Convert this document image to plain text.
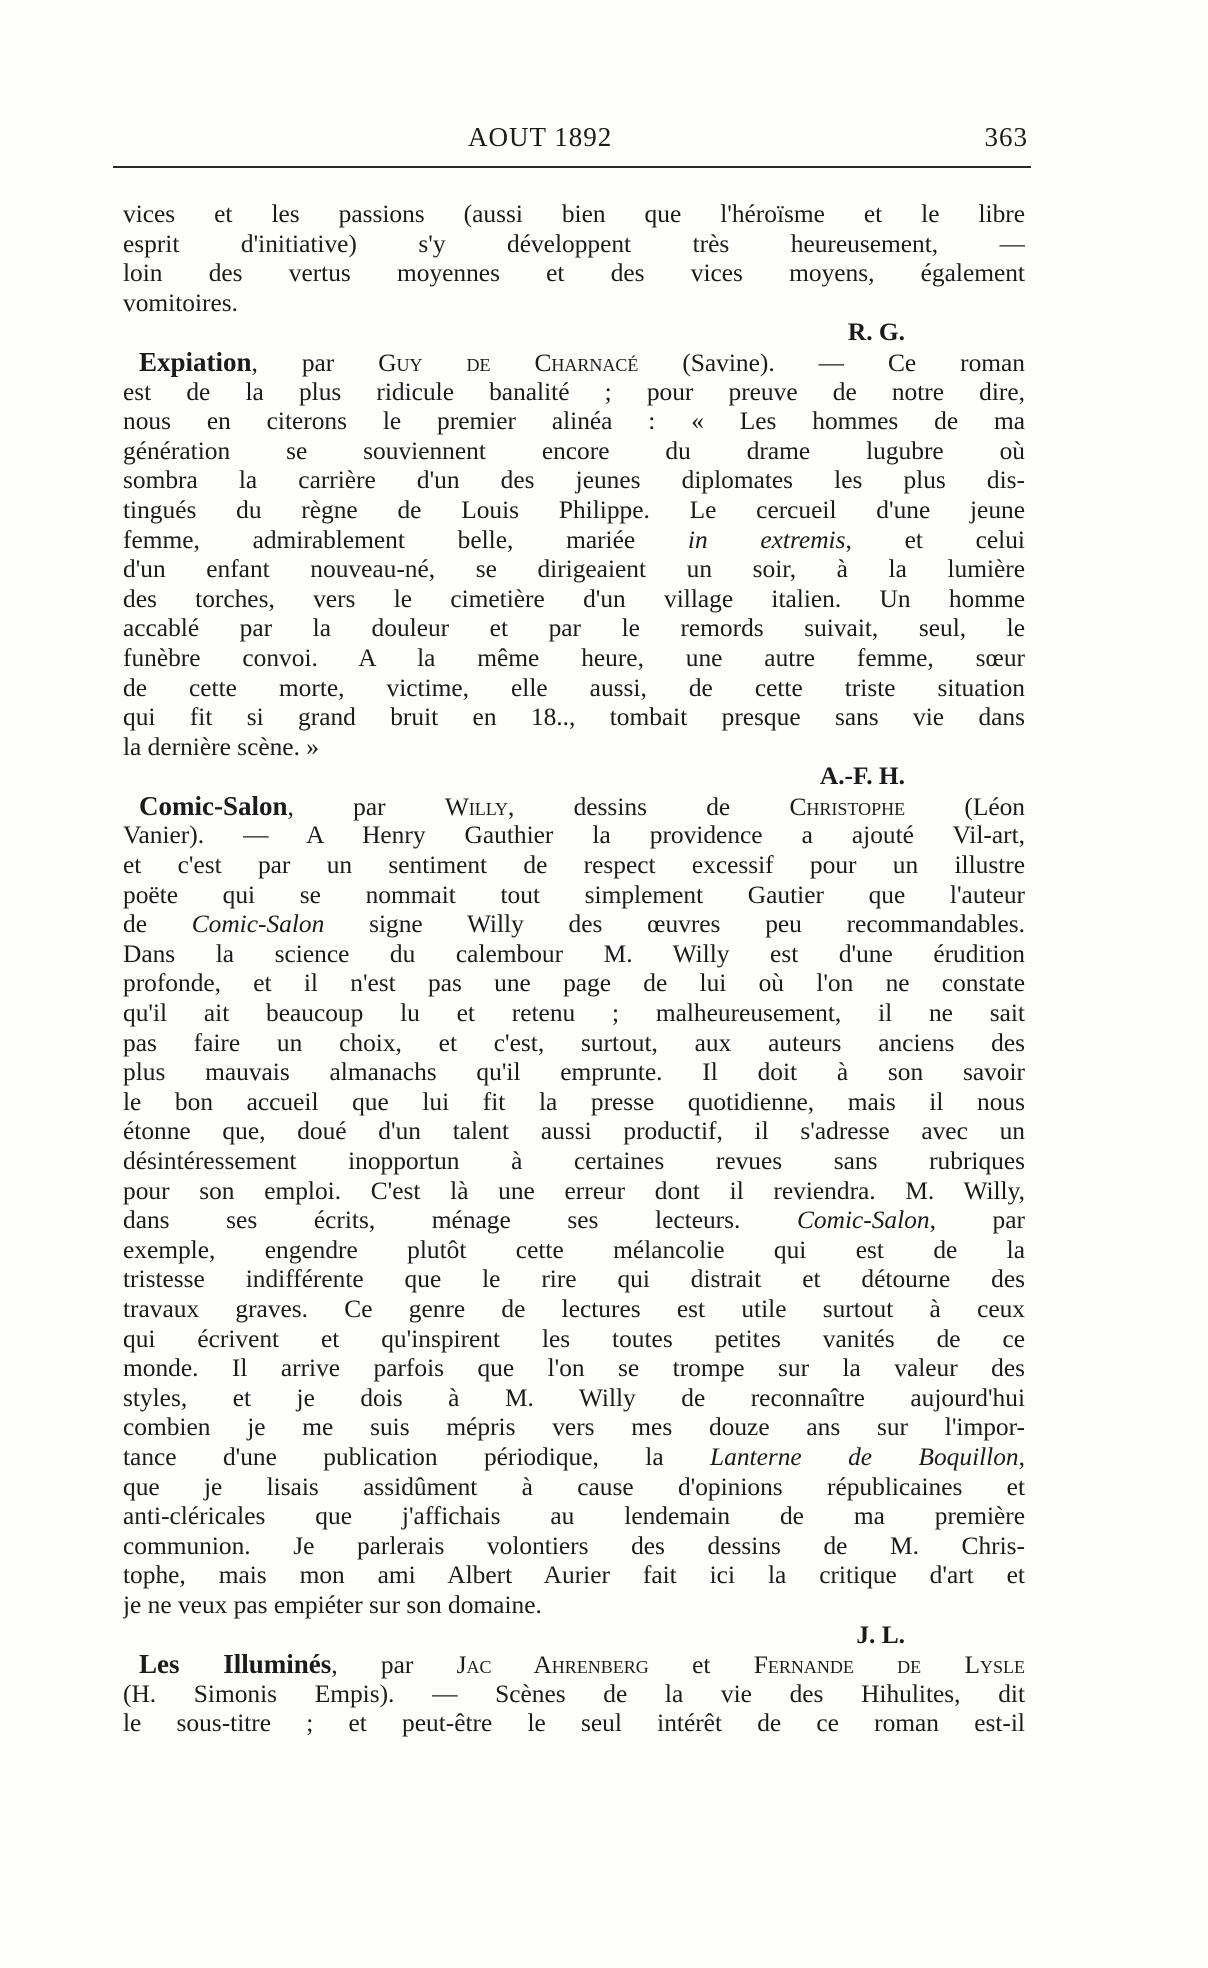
AOUT 1892	363
vices et les passions (aussi bien que l'héroïsme et le libre
esprit d'initiative) s'y développent très heureusement, —
loin des vertus moyennes et des vices moyens, également
vomitoires.
R. G.
Expiation, par Guy de Charnacé (Savine). — Ce roman
est de la plus ridicule banalité ; pour preuve de notre dire,
nous en citerons le premier alinéa : « Les hommes de ma
génération se souviennent encore du drame lugubre où
sombra la carrière d'un des jeunes diplomates les plus dis-
tingués du règne de Louis Philippe. Le cercueil d'une jeune
femme, admirablement belle, mariée in extremis, et celui
d'un enfant nouveau-né, se dirigeaient un soir, à la lumière
des torches, vers le cimetière d'un village italien. Un homme
accablé par la douleur et par le remords suivait, seul, le
funèbre convoi. A la même heure, une autre femme, sœur
de cette morte, victime, elle aussi, de cette triste situation
qui fit si grand bruit en 18.., tombait presque sans vie dans
la dernière scène. »
A.-F. H.
Comic-Salon, par Willy, dessins de Christophe (Léon
Vanier). — A Henry Gauthier la providence a ajouté Vil-art,
et c'est par un sentiment de respect excessif pour un illustre
poëte qui se nommait tout simplement Gautier que l'auteur
de Comic-Salon signe Willy des œuvres peu recommandables.
Dans la science du calembour M. Willy est d'une érudition
profonde, et il n'est pas une page de lui où l'on ne constate
qu'il ait beaucoup lu et retenu ; malheureusement, il ne sait
pas faire un choix, et c'est, surtout, aux auteurs anciens des
plus mauvais almanachs qu'il emprunte. Il doit à son savoir
le bon accueil que lui fit la presse quotidienne, mais il nous
étonne que, doué d'un talent aussi productif, il s'adresse avec un
désintéressement inopportun à certaines revues sans rubriques
pour son emploi. C'est là une erreur dont il reviendra. M. Willy,
dans ses écrits, ménage ses lecteurs. Comic-Salon, par
exemple, engendre plutôt cette mélancolie qui est de la
tristesse indifférente que le rire qui distrait et détourne des
travaux graves. Ce genre de lectures est utile surtout à ceux
qui écrivent et qu'inspirent les toutes petites vanités de ce
monde. Il arrive parfois que l'on se trompe sur la valeur des
styles, et je dois à M. Willy de reconnaître aujourd'hui
combien je me suis mépris vers mes douze ans sur l'impor-
tance d'une publication périodique, la Lanterne de Boquillon,
que je lisais assidûment à cause d'opinions républicaines et
anti-cléricales que j'affichais au lendemain de ma première
communion. Je parlerais volontiers des dessins de M. Chris-
tophe, mais mon ami Albert Aurier fait ici la critique d'art et
je ne veux pas empiéter sur son domaine.
J. L.
Les Illuminés, par Jac Ahrenberg et Fernande de Lysle
(H. Simonis Empis). — Scènes de la vie des Hihulites, dit
le sous-titre ; et peut-être le seul intérêt de ce roman est-il
